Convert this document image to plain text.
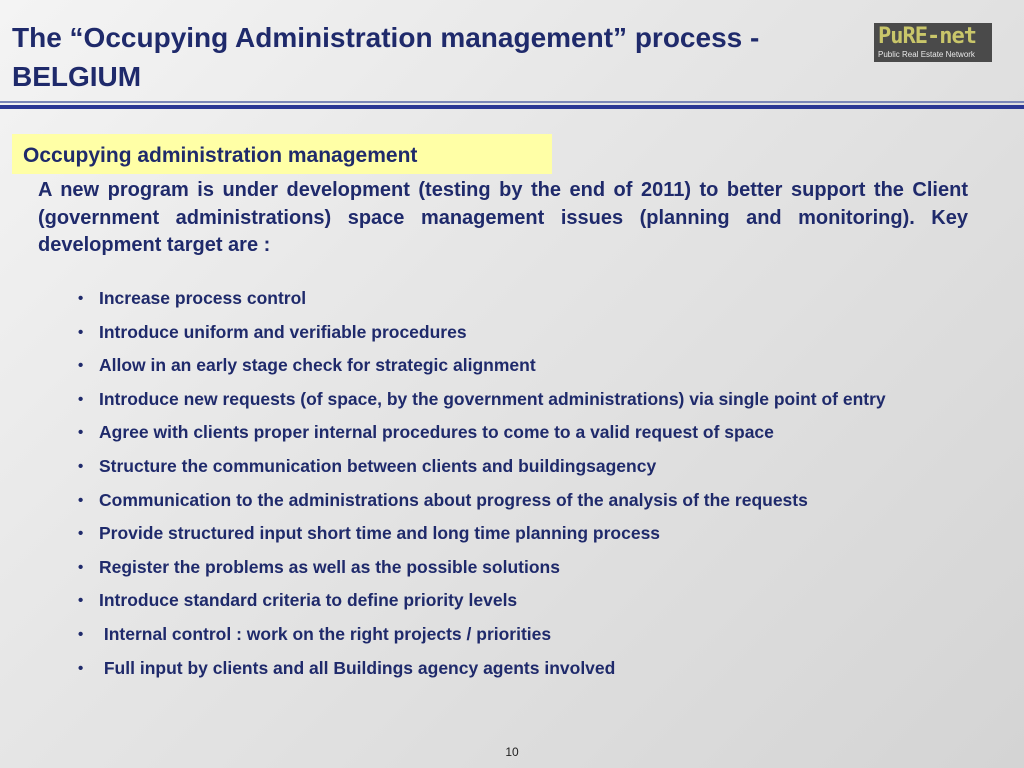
The “Occupying Administration management” process - BELGIUM
PuRE-net
Public Real Estate Network
Occupying administration management

A new program is under development (testing by the end of 2011) to better support the Client (government administrations) space management issues (planning and monitoring). Key development target are :

• Increase process control
• Introduce uniform and verifiable procedures
• Allow in an early stage check for strategic alignment
• Introduce new requests (of space, by the government administrations) via single point of entry
• Agree with clients proper internal procedures to come to a valid request of space
• Structure the communication between clients and buildingsagency
• Communication to the administrations about progress of the analysis of the requests
• Provide structured input short time and long time planning process
• Register the problems as well as the possible solutions
• Introduce standard criteria to define priority levels
• Internal control : work on the right projects / priorities
• Full input by clients and all Buildings agency agents involved
10
